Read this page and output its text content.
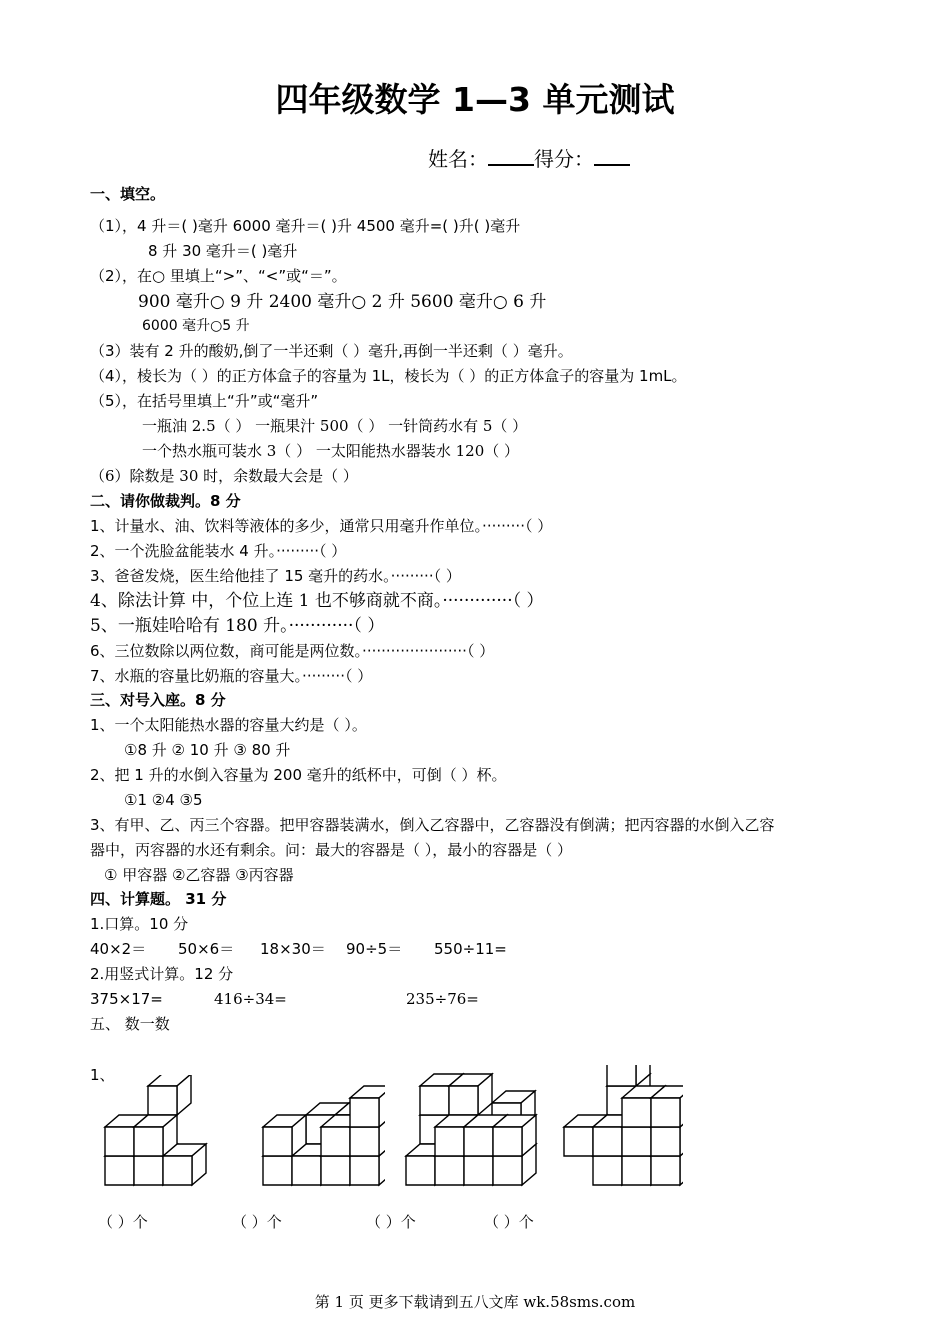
四年级数学 1—3 单元测试
姓名： 得分：
一、填空。
（1），4 升＝( )毫升 6000 毫升＝( )升 4500 毫升=( )升( )毫升
8 升 30 毫升＝( )毫升
（2），在○ 里填上“>”、“<”或“＝”。
900 毫升○ 9 升 2400 毫升○ 2 升 5600 毫升○ 6 升
6000 毫升○5 升
（3）装有 2 升的酸奶,倒了一半还剩（ ）毫升,再倒一半还剩（ ）毫升。
（4），棱长为（ ）的正方体盒子的容量为 1L，棱长为（ ）的正方体盒子的容量为 1mL。
（5），在括号里填上“升”或“毫升”
一瓶油 2.5（ ） 一瓶果汁 500（ ） 一针筒药水有 5（ ）
一个热水瓶可装水 3（ ） 一太阳能热水器装水 120（ ）
（6）除数是 30 时，余数最大会是（ ）
二、请你做裁判。8 分
1、计量水、油、饮料等液体的多少，通常只用毫升作单位。·········（ ）
2、一个洗脸盆能装水 4 升。·········（ ）
3、爸爸发烧，医生给他挂了 15 毫升的药水。·········（ ）
4、除法计算 中，个位上连 1 也不够商就不商。·············（ ）
5、一瓶娃哈哈有 180 升。············（ ）
6、三位数除以两位数，商可能是两位数。······················（ ）
7、水瓶的容量比奶瓶的容量大。·········（ ）
三、对号入座。8 分
1、一个太阳能热水器的容量大约是（ ）。
①8 升 ② 10 升 ③ 80 升
2、把 1 升的水倒入容量为 200 毫升的纸杯中，可倒（ ）杯。
①1 ②4 ③5
3、有甲、乙、丙三个容器。把甲容器装满水，倒入乙容器中，乙容器没有倒满；把丙容器的水倒入乙容
器中，丙容器的水还有剩余。问：最大的容器是（ ），最小的容器是（ ）
① 甲容器 ②乙容器 ③丙容器
四、计算题。 31 分
1.口算。10 分
40×2＝ 50×6＝ 18×30＝ 90÷5＝ 550÷11=
2.用竖式计算。12 分
375×17=	416÷34=	235÷76=
五、 数一数
1、
（ ）个	（ ）个	（ ）个	（ ）个
第 1 页 更多下载请到五八文库 wk.58sms.com
